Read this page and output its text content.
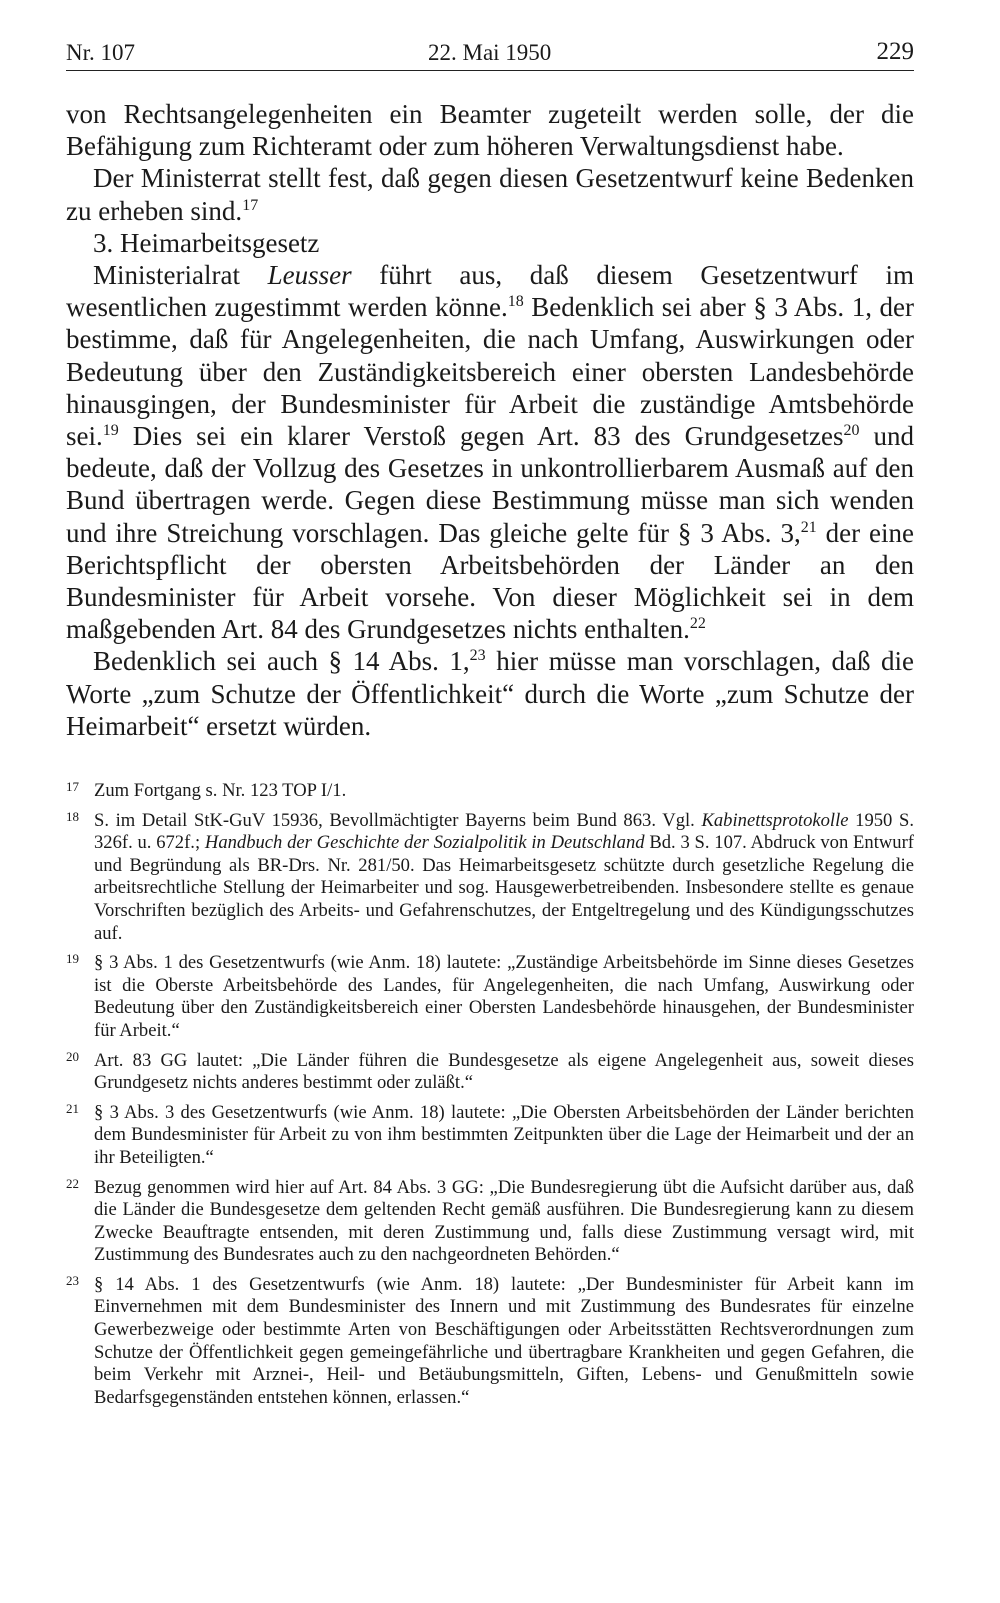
Nr. 107	22. Mai 1950	229

von Rechtsangelegenheiten ein Beamter zugeteilt werden solle, der die Befähigung zum Richteramt oder zum höheren Verwaltungsdienst habe.

Der Ministerrat stellt fest, daß gegen diesen Gesetzentwurf keine Bedenken zu erheben sind.$^{17}$

3. Heimarbeitsgesetz

Ministerialrat Leusser führt aus, daß diesem Gesetzentwurf im wesentlichen zugestimmt werden könne.$^{18}$ Bedenklich sei aber § 3 Abs. 1, der bestimme, daß für Angelegenheiten, die nach Umfang, Auswirkungen oder Bedeutung über den Zuständigkeitsbereich einer obersten Landesbehörde hinausgingen, der Bundesminister für Arbeit die zuständige Amtsbehörde sei.$^{19}$ Dies sei ein klarer Verstoß gegen Art. 83 des Grundgesetzes$^{20}$ und bedeute, daß der Vollzug des Gesetzes in unkontrollierbarem Ausmaß auf den Bund übertragen werde. Gegen diese Bestimmung müsse man sich wenden und ihre Streichung vorschlagen. Das gleiche gelte für § 3 Abs. 3,21 der eine Berichtspflicht der obersten Arbeitsbehörden der Länder an den Bundesminister für Arbeit vorsehe. Von dieser Möglichkeit sei in dem maßgebenden Art. 84 des Grundgesetzes nichts enthalten.$^{22}$

Bedenklich sei auch § 14 Abs. 1,23 hier müsse man vorschlagen, daß die Worte „zum Schutze der Öffentlichkeit“ durch die Worte „zum Schutze der Heimarbeit“ ersetzt würden.

17 Zum Fortgang s. Nr. 123 TOP I/1.
18 S. im Detail StK-GuV 15936, Bevollmächtigter Bayerns beim Bund 863. Vgl. Kabinettsprotokolle 1950 S. 326f. u. 672f.; Handbuch der Geschichte der Sozialpolitik in Deutschland Bd. 3 S. 107. Abdruck von Entwurf und Begründung als BR-Drs. Nr. 281/50. Das Heimarbeitsgesetz schützte durch gesetzliche Regelung die arbeitsrechtliche Stellung der Heimarbeiter und sog. Hausgewerbetreibenden. Insbesondere stellte es genaue Vorschriften bezüglich des Arbeits- und Gefahrenschutzes, der Entgeltregelung und des Kündigungsschutzes auf.
19 § 3 Abs. 1 des Gesetzentwurfs (wie Anm. 18) lautete: „Zuständige Arbeitsbehörde im Sinne dieses Gesetzes ist die Oberste Arbeitsbehörde des Landes, für Angelegenheiten, die nach Umfang, Auswirkung oder Bedeutung über den Zuständigkeitsbereich einer Obersten Landesbehörde hinausgehen, der Bundesminister für Arbeit.“
20 Art. 83 GG lautet: „Die Länder führen die Bundesgesetze als eigene Angelegenheit aus, soweit dieses Grundgesetz nichts anderes bestimmt oder zuläßt.“
21 § 3 Abs. 3 des Gesetzentwurfs (wie Anm. 18) lautete: „Die Obersten Arbeitsbehörden der Länder berichten dem Bundesminister für Arbeit zu von ihm bestimmten Zeitpunkten über die Lage der Heimarbeit und der an ihr Beteiligten.“
22 Bezug genommen wird hier auf Art. 84 Abs. 3 GG: „Die Bundesregierung übt die Aufsicht darüber aus, daß die Länder die Bundesgesetze dem geltenden Recht gemäß ausführen. Die Bundesregierung kann zu diesem Zwecke Beauftragte entsenden, mit deren Zustimmung und, falls diese Zustimmung versagt wird, mit Zustimmung des Bundesrates auch zu den nachgeordneten Behörden.“
23 § 14 Abs. 1 des Gesetzentwurfs (wie Anm. 18) lautete: „Der Bundesminister für Arbeit kann im Einvernehmen mit dem Bundesminister des Innern und mit Zustimmung des Bundesrates für einzelne Gewerbezweige oder bestimmte Arten von Beschäftigungen oder Arbeitsstätten Rechtsverordnungen zum Schutze der Öffentlichkeit gegen gemeingefährliche und übertragbare Krankheiten und gegen Gefahren, die beim Verkehr mit Arznei-, Heil- und Betäubungsmitteln, Giften, Lebens- und Genußmitteln sowie Bedarfsgegenständen entstehen können, erlassen.“
